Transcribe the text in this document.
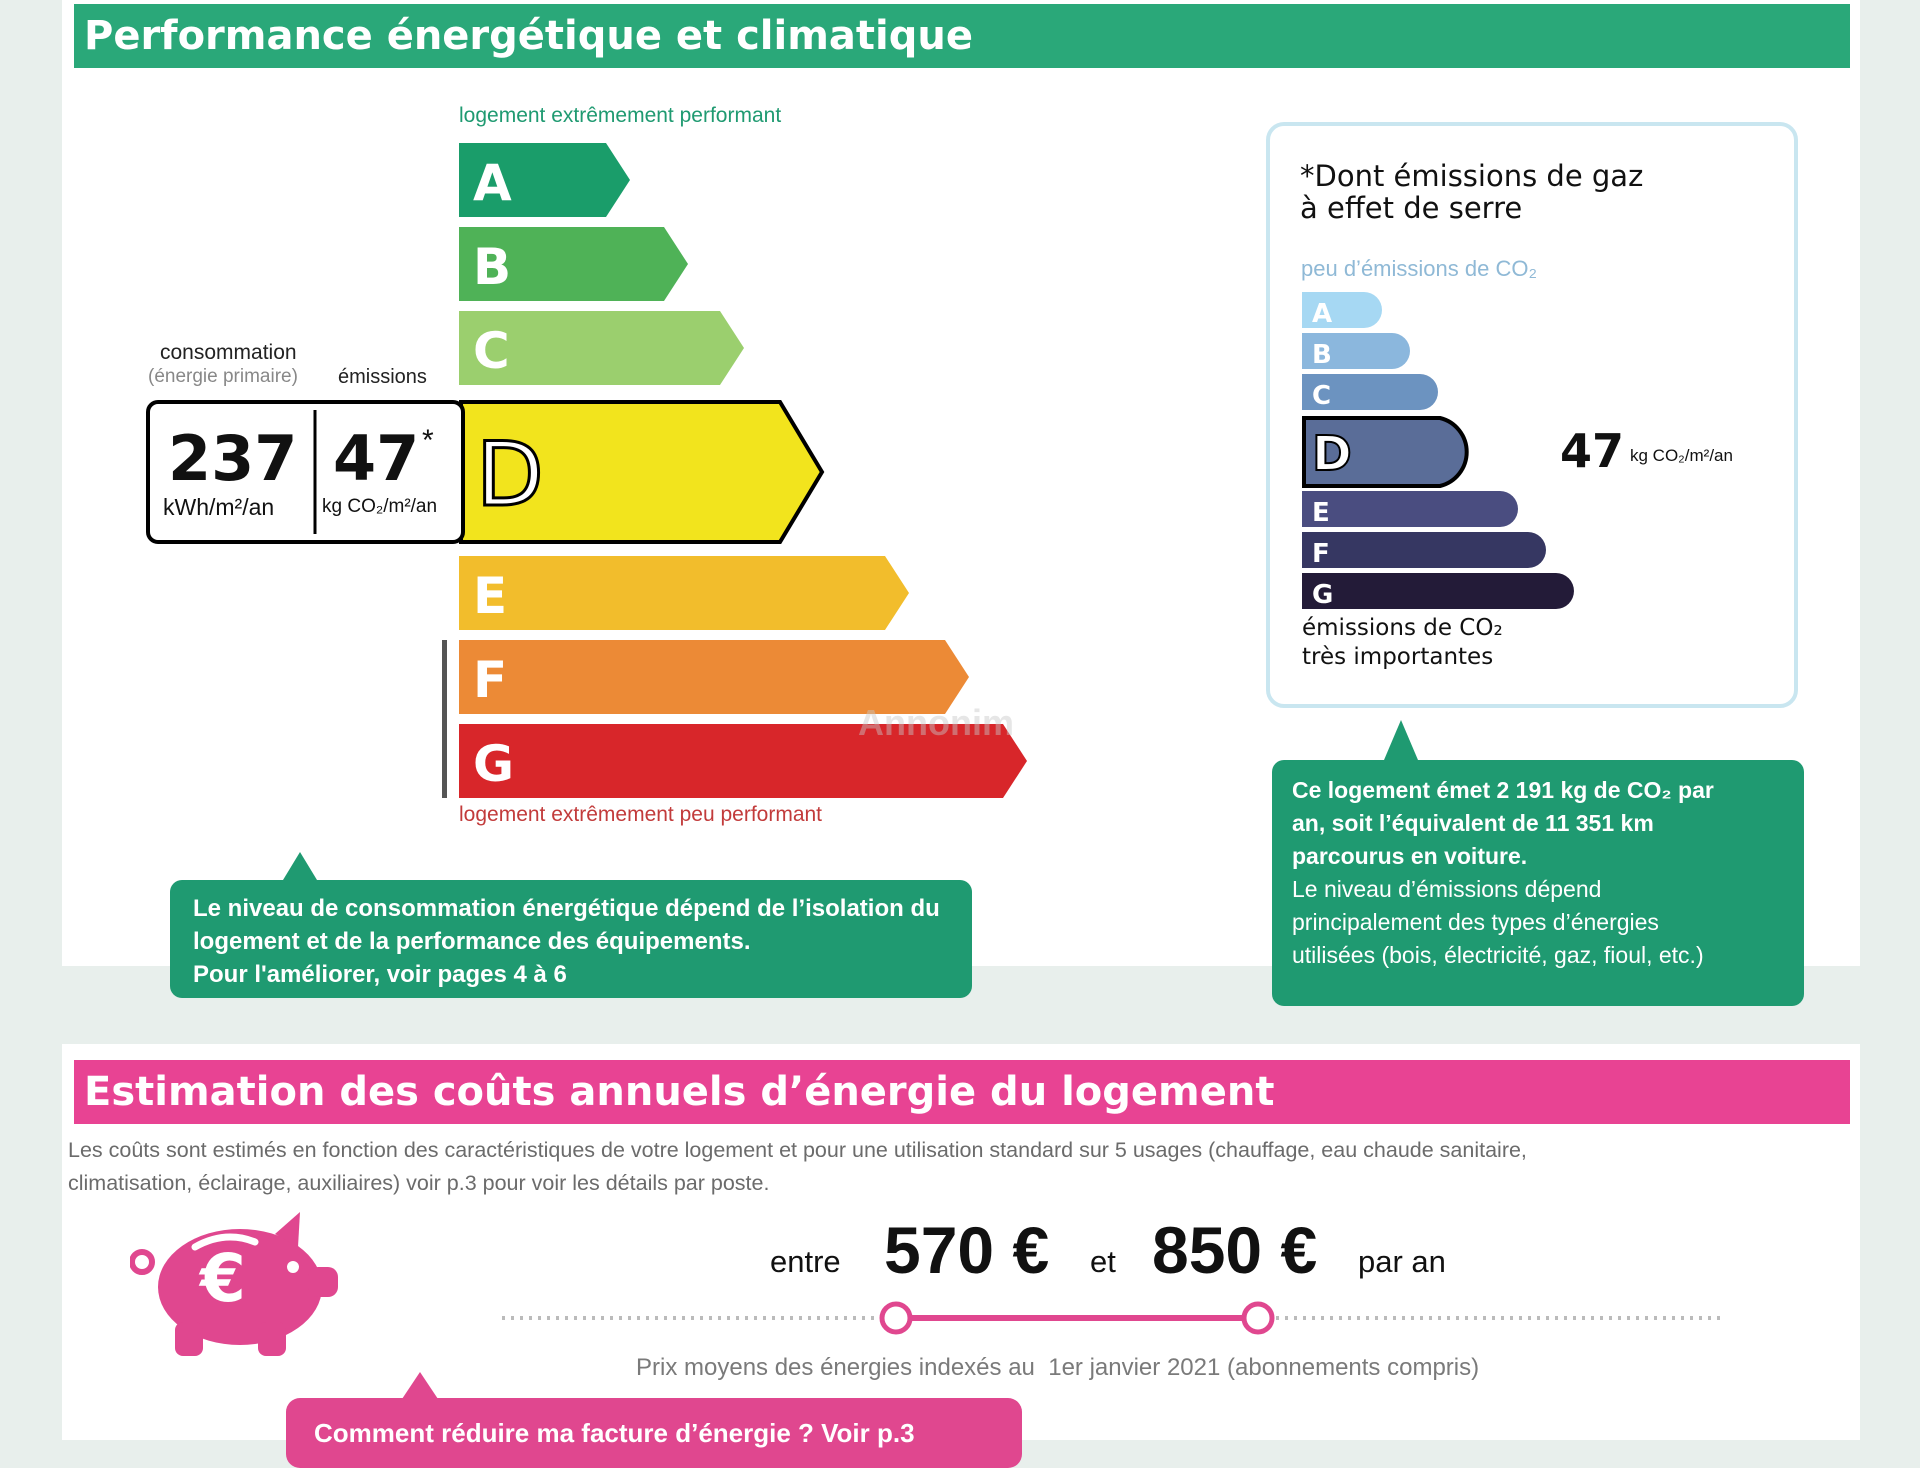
Performance énergétique et climatique
logement extrêmement performant
A
B
C
D
E
F
G
consommation
(énergie primaire) émissions
237
kWh/m²/an
47 *
kg CO₂/m²/an
logement extrêmement peu performant
Annonim
Le niveau de consommation énergétique dépend de l’isolation du
logement et de la performance des équipements.
Pour l'améliorer, voir pages 4 à 6
*Dont émissions de gaz
à effet de serre
peu d’émissions de CO₂
A
B
C
D
E
F
G
47 kg CO₂/m²/an
émissions de CO₂
très importantes
Ce logement émet 2 191 kg de CO₂ par
an, soit l’équivalent de 11 351 km
parcourus en voiture.
Le niveau d’émissions dépend
principalement des types d’énergies
utilisées (bois, électricité, gaz, fioul, etc.)
Estimation des coûts annuels d’énergie du logement
Les coûts sont estimés en fonction des caractéristiques de votre logement et pour une utilisation standard sur 5 usages (chauffage, eau chaude sanitaire,
climatisation, éclairage, auxiliaires) voir p.3 pour voir les détails par poste.
€	entre 570 € et 850 € par an
Prix moyens des énergies indexés au  1er janvier 2021 (abonnements compris)
Comment réduire ma facture d’énergie ? Voir p.3
